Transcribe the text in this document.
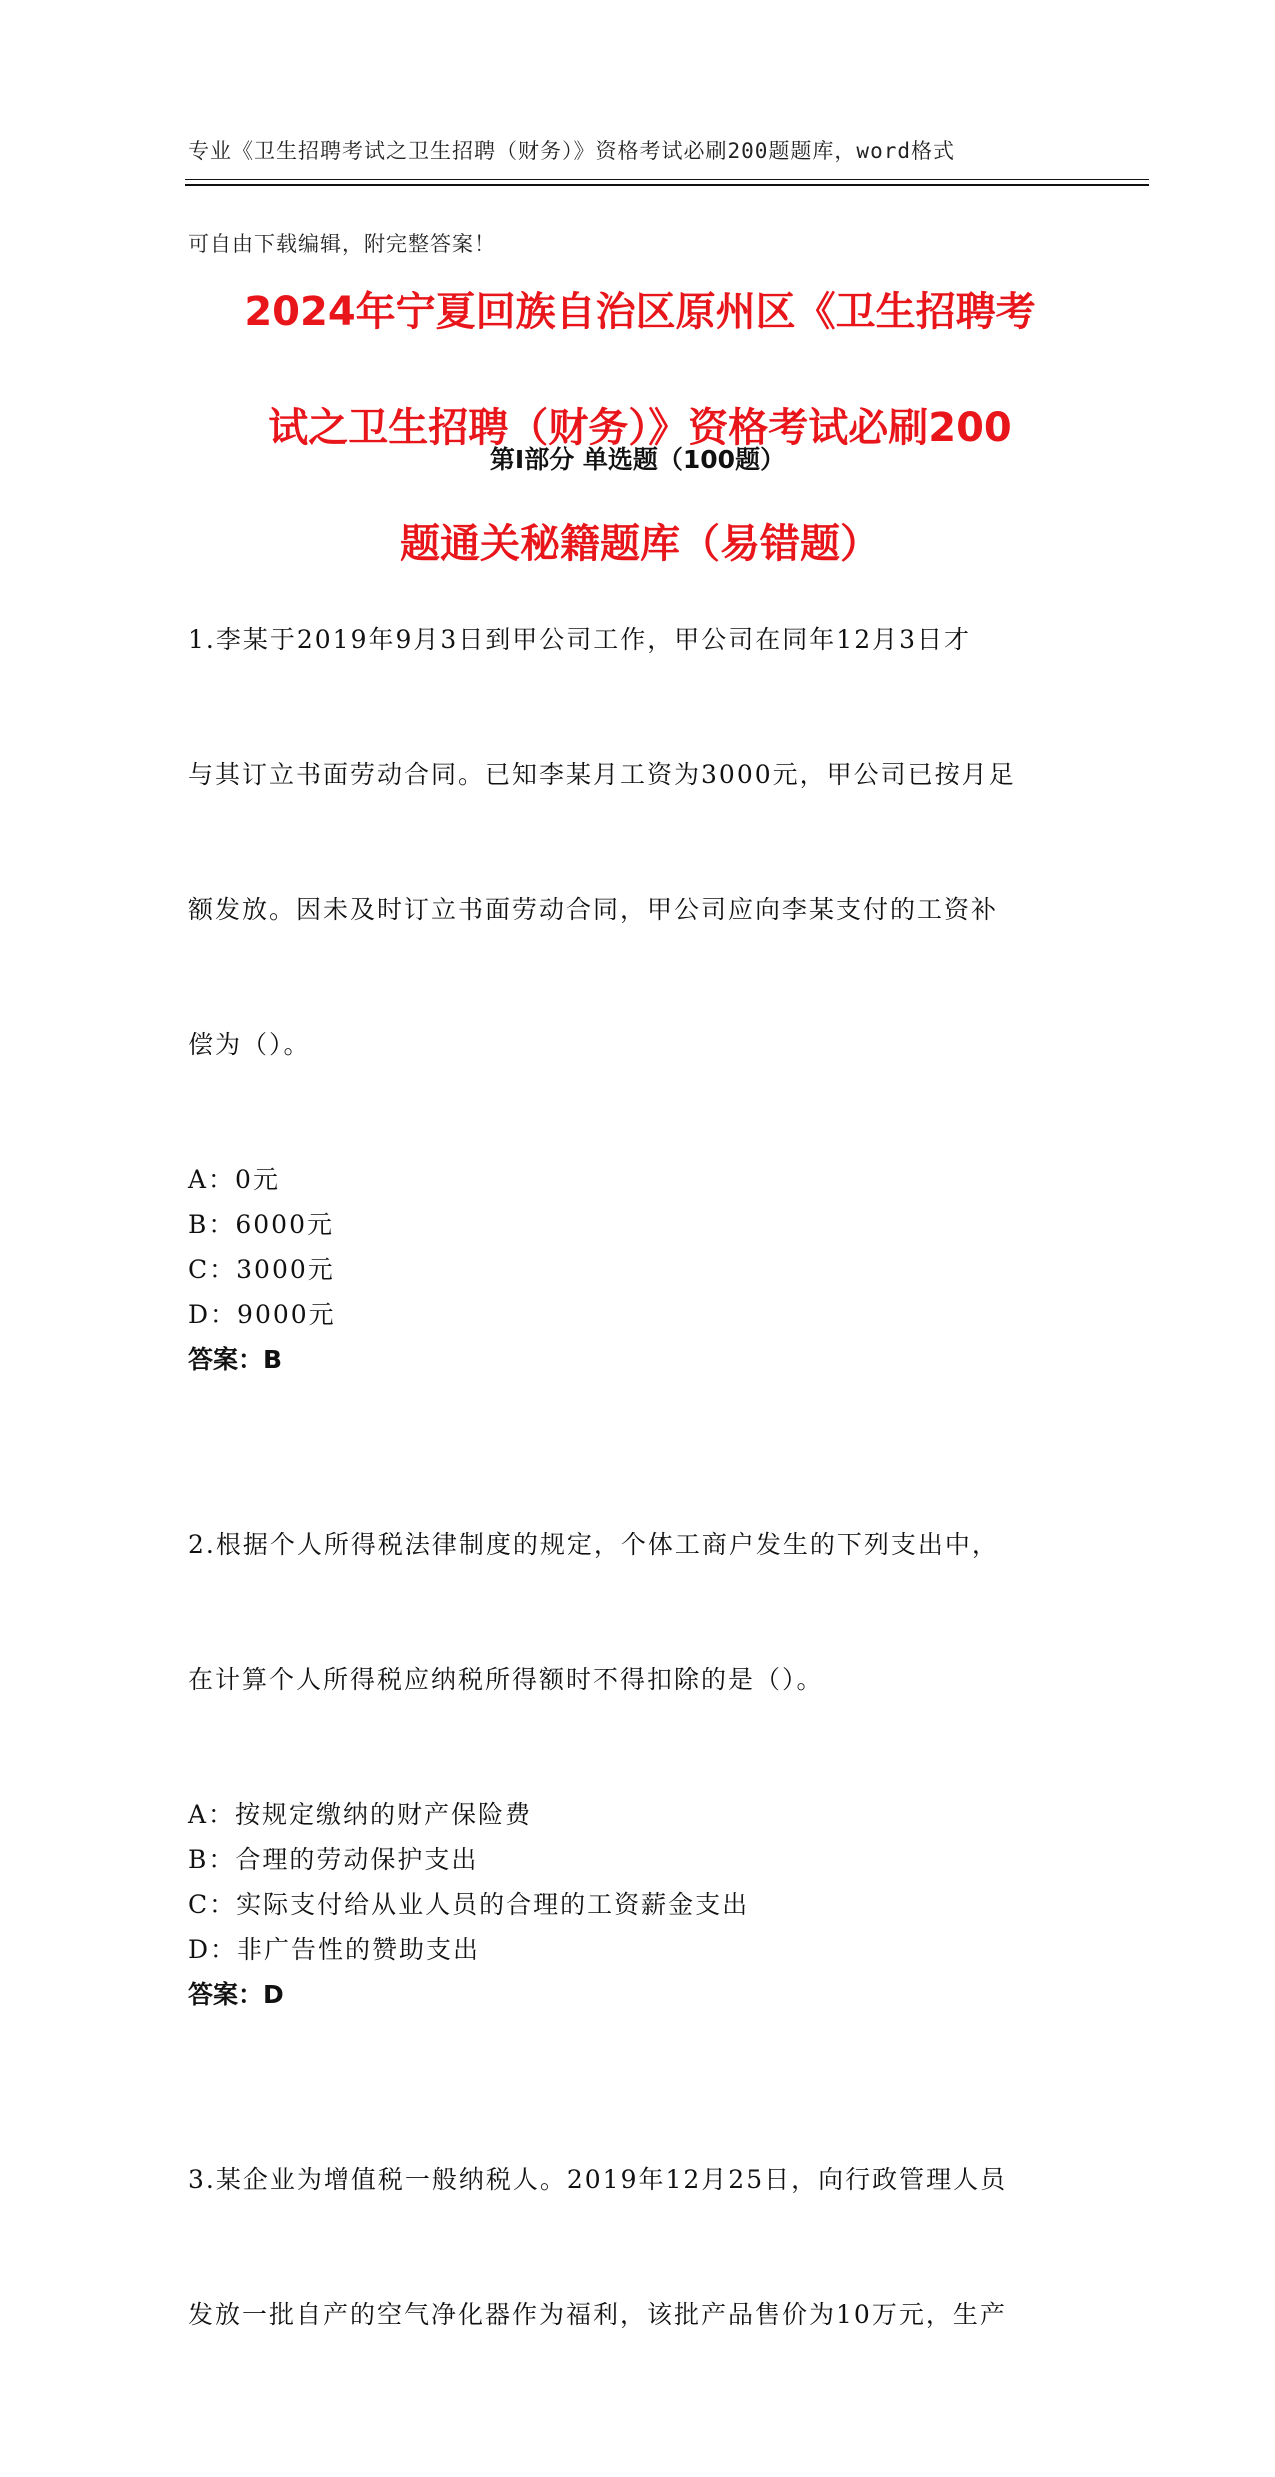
专业《卫生招聘考试之卫生招聘（财务）》资格考试必刷200题题库，word格式

可自由下载编辑，附完整答案！

2024年宁夏回族自治区原州区《卫生招聘考

试之卫生招聘（财务）》资格考试必刷200

题通关秘籍题库（易错题）

第Ⅰ部分 单选题（100题）

1.李某于2019年9月3日到甲公司工作，甲公司在同年12月3日才

与其订立书面劳动合同。已知李某月工资为3000元，甲公司已按月足

额发放。因未及时订立书面劳动合同，甲公司应向李某支付的工资补

偿为（）。

A：0元
B：6000元
C：3000元
D：9000元
答案：B

2.根据个人所得税法律制度的规定，个体工商户发生的下列支出中，

在计算个人所得税应纳税所得额时不得扣除的是（）。

A：按规定缴纳的财产保险费
B：合理的劳动保护支出
C：实际支付给从业人员的合理的工资薪金支出
D：非广告性的赞助支出
答案：D

3.某企业为增值税一般纳税人。2019年12月25日，向行政管理人员

发放一批自产的空气净化器作为福利，该批产品售价为10万元，生产
